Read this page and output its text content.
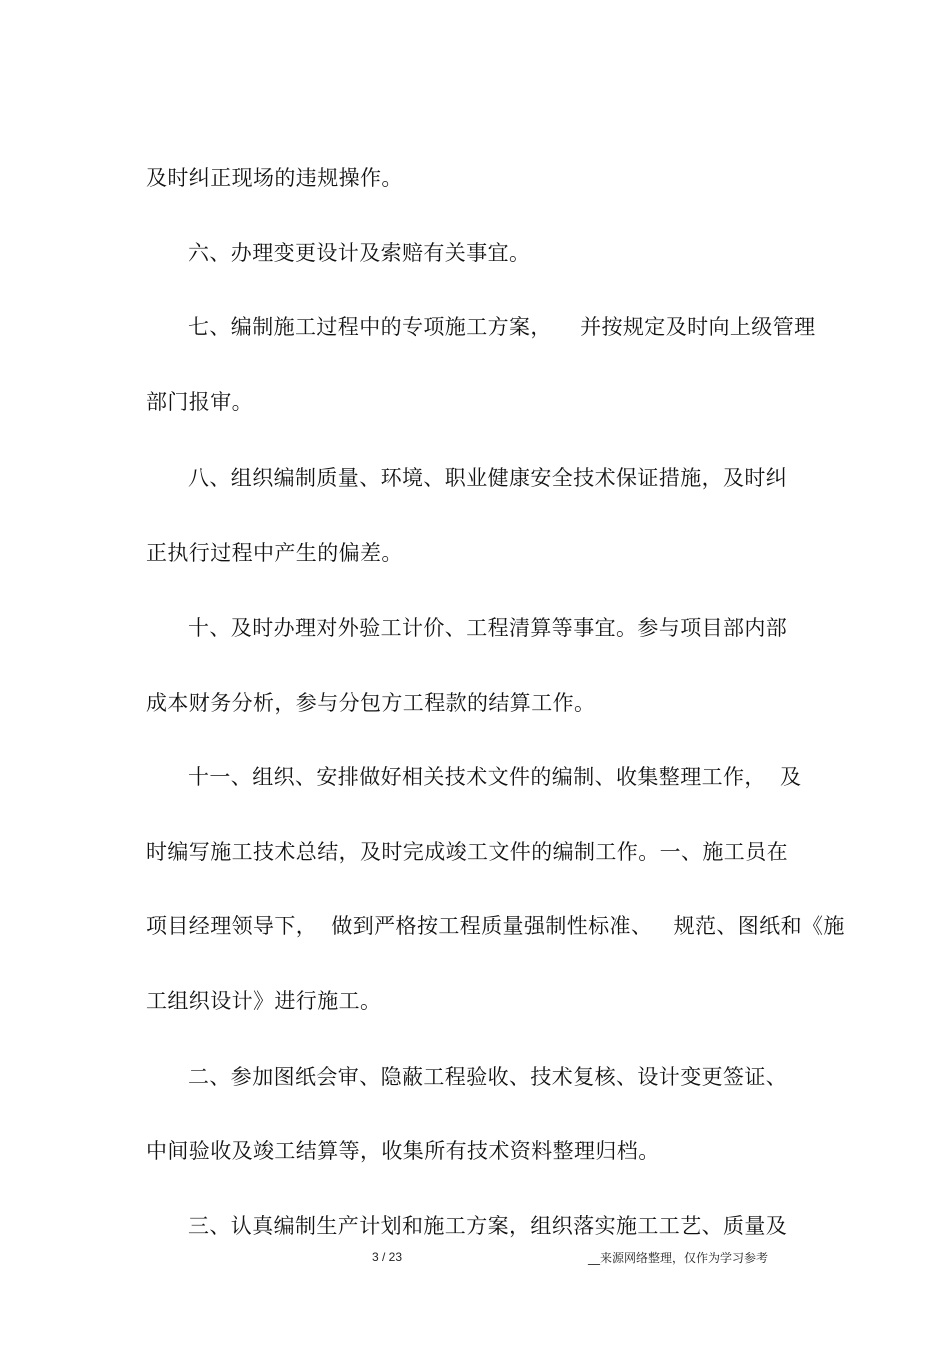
及时纠正现场的违规操作。

六、办理变更设计及索赔有关事宜。

七、编制施工过程中的专项施工方案，    并按规定及时向上级管理

部门报审。

八、组织编制质量、环境、职业健康安全技术保证措施，及时纠

正执行过程中产生的偏差。

十、及时办理对外验工计价、工程清算等事宜。参与项目部内部

成本财务分析，参与分包方工程款的结算工作。

十一、组织、安排做好相关技术文件的编制、收集整理工作，  及

时编写施工技术总结，及时完成竣工文件的编制工作。一、施工员在

项目经理领导下，  做到严格按工程质量强制性标准、   规范、图纸和《施

工组织设计》进行施工。

二、参加图纸会审、隐蔽工程验收、技术复核、设计变更签证、

中间验收及竣工结算等，收集所有技术资料整理归档。

三、认真编制生产计划和施工方案，组织落实施工工艺、质量及

3 / 23	__来源网络整理，仅作为学习参考
